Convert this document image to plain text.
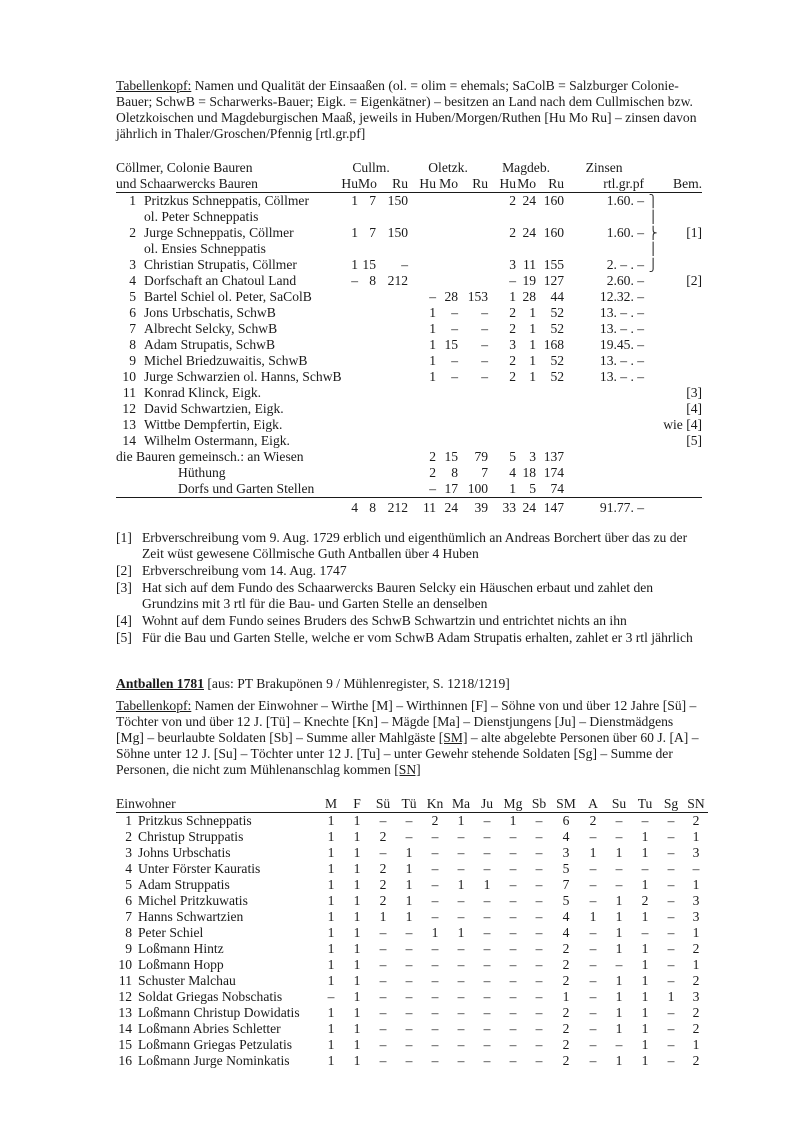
Tabellenkopf: Namen und Qualität der Einsaaßen (ol. = olim = ehemals; SaColB = Salzburger Colonie-Bauer; SchwB = Scharwerks-Bauer; Eigk. = Eigenkätner) – besitzen an Land nach dem Cullmischen bzw. Oletzkoischen und Magdeburgischen Maaß, jeweils in Huben/Morgen/Ruthen [Hu Mo Ru] – zinsen davon jährlich in Thaler/Groschen/Pfennig [rtl.gr.pf]

Cöllmer, Colonie Bauren		Cullm.			Oletzk.			Magdeb.			Zinsen		
und Schaarwercks Bauren		Hu	Mo	Ru	Hu	Mo	Ru	Hu	Mo	Ru	rtl.gr.pf		Bem.
1	Pritzkus Schneppatis, Cöllmer	1	7	150				2	24	160	1.60. –	⎫	
	ol. Peter Schneppatis											⎪	
2	Jurge Schneppatis, Cöllmer	1	7	150				2	24	160	1.60. –	⎬	[1]
	ol. Ensies Schneppatis											⎪	
3	Christian Strupatis, Cöllmer	1	15	–				3	11	155	2. – . –	⎭	
4	Dorfschaft an Chatoul Land	–	8	212				–	19	127	2.60. –		[2]
5	Bartel Schiel ol. Peter, SaColB				–	28	153	1	28	44	12.32. –		
6	Jons Urbschatis, SchwB				1	–	–	2	1	52	13. – . –		
7	Albrecht Selcky, SchwB				1	–	–	2	1	52	13. – . –		
8	Adam Strupatis, SchwB				1	15	–	3	1	168	19.45. –		
9	Michel Briedzuwaitis, SchwB				1	–	–	2	1	52	13. – . –		
10	Jurge Schwarzien ol. Hanns, SchwB				1	–	–	2	1	52	13. – . –		
11	Konrad Klinck, Eigk.												[3]
12	David Schwartzien, Eigk.												[4]
13	Wittbe Dempfertin, Eigk.												wie [4]
14	Wilhelm Ostermann, Eigk.												[5]
die Bauren gemeinsch.: an Wiesen					2	15	79	5	3	137			
Hüthung					2	8	7	4	18	174			
Dorfs und Garten Stellen					–	17	100	1	5	74			
		4	8	212	11	24	39	33	24	147	91.77. –		
[1] Erbverschreibung vom 9. Aug. 1729 erblich und eigenthümlich an Andreas Borchert über das zu der Zeit wüst gewesene Cöllmische Guth Antballen über 4 Huben
[2] Erbverschreibung vom 14. Aug. 1747
[3] Hat sich auf dem Fundo des Schaarwercks Bauren Selcky ein Häuschen erbaut und zahlet den Grundzins mit 3 rtl für die Bau- und Garten Stelle an denselben
[4] Wohnt auf dem Fundo seines Bruders des SchwB Schwartzin und entrichtet nichts an ihn
[5] Für die Bau und Garten Stelle, welche er vom SchwB Adam Strupatis erhalten, zahlet er 3 rtl jährlich

Antballen 1781 [aus: PT Brakupönen 9 / Mühlenregister, S. 1218/1219]

Tabellenkopf: Namen der Einwohner – Wirthe [M] – Wirthinnen [F] – Söhne von und über 12 Jahre [Sü] – Töchter von und über 12 J. [Tü] – Knechte [Kn] – Mägde [Ma] – Dienstjungens [Ju] – Dienstmädgens [Mg] – beurlaubte Soldaten [Sb] – Summe aller Mahlgäste [SM] – alte abgelebte Personen über 60 J. [A] – Söhne unter 12 J. [Su] – Töchter unter 12 J. [Tu] – unter Gewehr stehende Soldaten [Sg] – Summe der Personen, die nicht zum Mühlenanschlag kommen [SN]

Einwohner		M	F	Sü	Tü	Kn	Ma	Ju	Mg	Sb	SM	A	Su	Tu	Sg	SN
1	Pritzkus Schneppatis	1	1	–	–	2	1	–	1	–	6	2	–	–	–	2
2	Christup Struppatis	1	1	2	–	–	–	–	–	–	4	–	–	1	–	1
3	Johns Urbschatis	1	1	–	1	–	–	–	–	–	3	1	1	1	–	3
4	Unter Förster Kauratis	1	1	2	1	–	–	–	–	–	5	–	–	–	–	–
5	Adam Struppatis	1	1	2	1	–	1	1	–	–	7	–	–	1	–	1
6	Michel Pritzkuwatis	1	1	2	1	–	–	–	–	–	5	–	1	2	–	3
7	Hanns Schwartzien	1	1	1	1	–	–	–	–	–	4	1	1	1	–	3
8	Peter Schiel	1	1	–	–	1	1	–	–	–	4	–	1	–	–	1
9	Loßmann Hintz	1	1	–	–	–	–	–	–	–	2	–	1	1	–	2
10	Loßmann Hopp	1	1	–	–	–	–	–	–	–	2	–	–	1	–	1
11	Schuster Malchau	1	1	–	–	–	–	–	–	–	2	–	1	1	–	2
12	Soldat Griegas Nobschatis	–	1	–	–	–	–	–	–	–	1	–	1	1	1	3
13	Loßmann Christup Dowidatis	1	1	–	–	–	–	–	–	–	2	–	1	1	–	2
14	Loßmann Abries Schletter	1	1	–	–	–	–	–	–	–	2	–	1	1	–	2
15	Loßmann Griegas Petzulatis	1	1	–	–	–	–	–	–	–	2	–	–	1	–	1
16	Loßmann Jurge Nominkatis	1	1	–	–	–	–	–	–	–	2	–	1	1	–	2
